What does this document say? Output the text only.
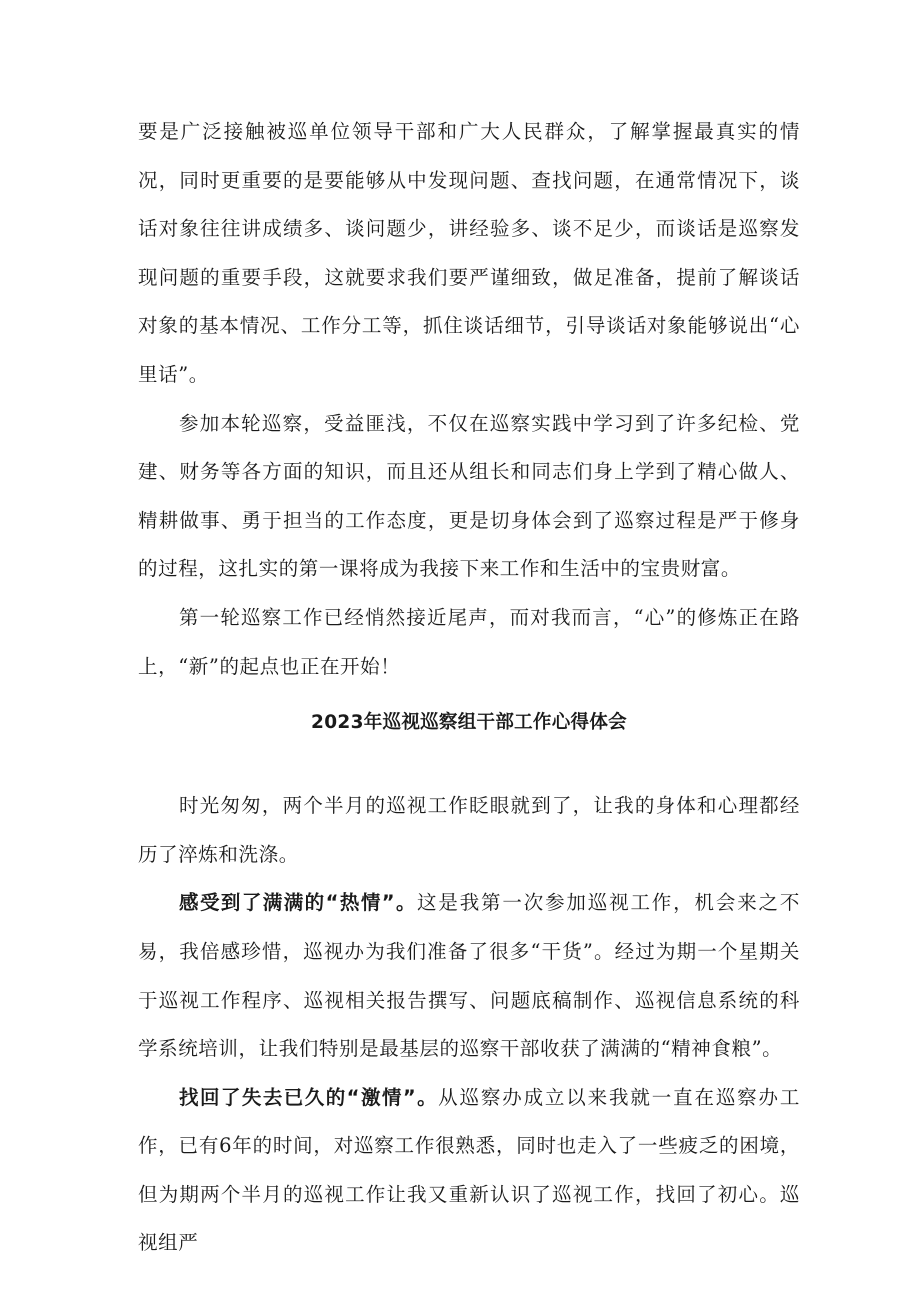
要是广泛接触被巡单位领导干部和广大人民群众，了解掌握最真实的情况，同时更重要的是要能够从中发现问题、查找问题，在通常情况下，谈话对象往往讲成绩多、谈问题少，讲经验多、谈不足少，而谈话是巡察发现问题的重要手段，这就要求我们要严谨细致，做足准备，提前了解谈话对象的基本情况、工作分工等，抓住谈话细节，引导谈话对象能够说出“心里话”。

参加本轮巡察，受益匪浅，不仅在巡察实践中学习到了许多纪检、党建、财务等各方面的知识，而且还从组长和同志们身上学到了精心做人、精耕做事、勇于担当的工作态度，更是切身体会到了巡察过程是严于修身的过程，这扎实的第一课将成为我接下来工作和生活中的宝贵财富。

第一轮巡察工作已经悄然接近尾声，而对我而言，“心”的修炼正在路上，“新”的起点也正在开始！

2023年巡视巡察组干部工作心得体会

时光匆匆，两个半月的巡视工作眨眼就到了，让我的身体和心理都经历了淬炼和洗涤。

感受到了满满的“热情”。这是我第一次参加巡视工作，机会来之不易，我倍感珍惜，巡视办为我们准备了很多“干货”。经过为期一个星期关于巡视工作程序、巡视相关报告撰写、问题底稿制作、巡视信息系统的科学系统培训，让我们特别是最基层的巡察干部收获了满满的“精神食粮”。

找回了失去已久的“激情”。从巡察办成立以来我就一直在巡察办工作，已有6年的时间，对巡察工作很熟悉，同时也走入了一些疲乏的困境，但为期两个半月的巡视工作让我又重新认识了巡视工作，找回了初心。巡视组严
